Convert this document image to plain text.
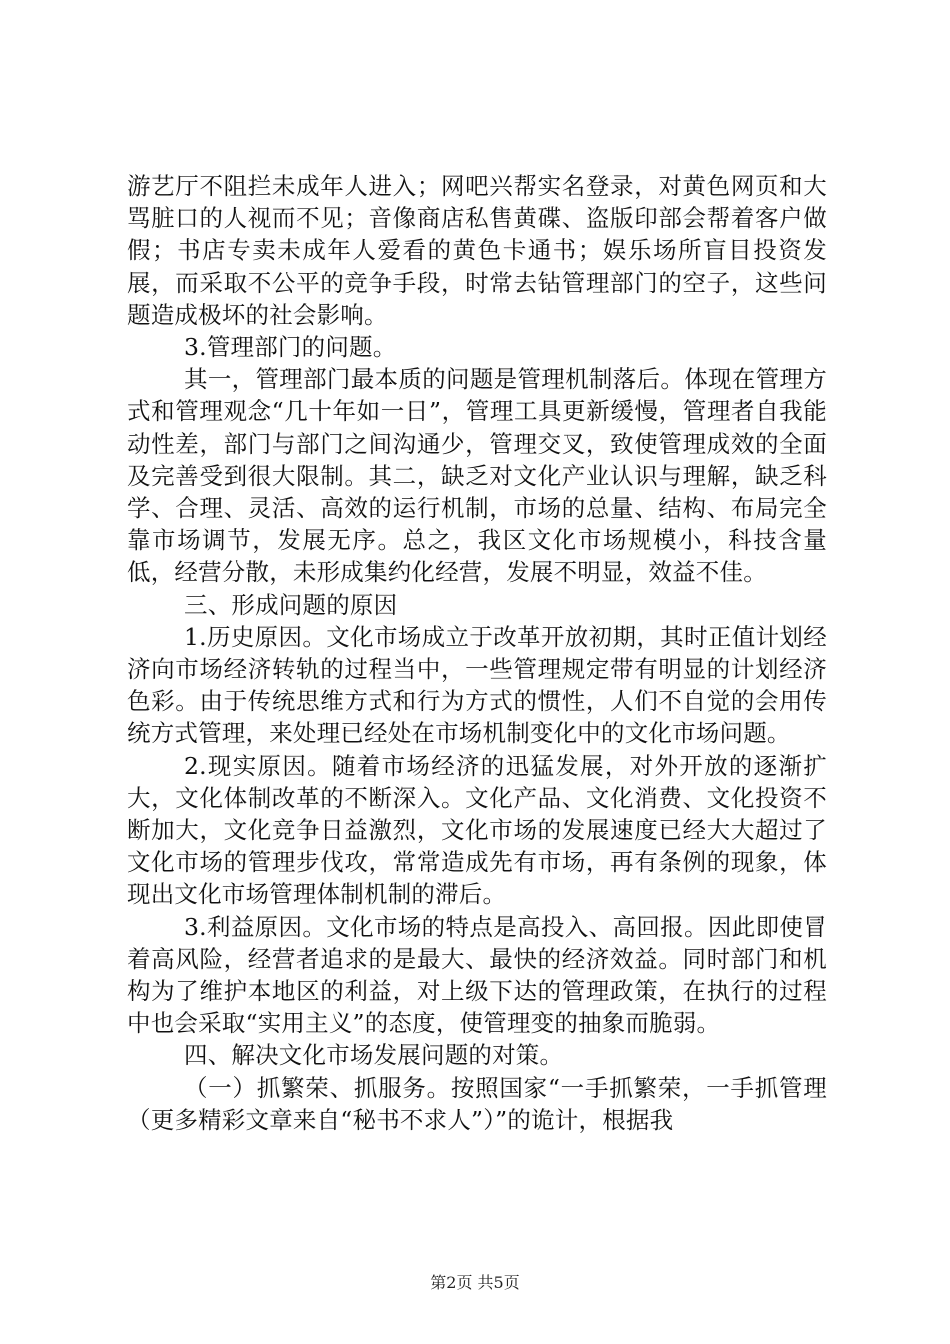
游艺厅不阻拦未成年人进入；网吧兴帮实名登录，对黄色网页和大骂脏口的人视而不见；音像商店私售黄碟、盗版印部会帮着客户做假；书店专卖未成年人爱看的黄色卡通书；娱乐场所盲目投资发展，而采取不公平的竞争手段，时常去钻管理部门的空子，这些问题造成极坏的社会影响。

3.管理部门的问题。

其一，管理部门最本质的问题是管理机制落后。体现在管理方式和管理观念“几十年如一日”，管理工具更新缓慢，管理者自我能动性差，部门与部门之间沟通少，管理交叉，致使管理成效的全面及完善受到很大限制。其二，缺乏对文化产业认识与理解，缺乏科学、合理、灵活、高效的运行机制，市场的总量、结构、布局完全靠市场调节，发展无序。总之，我区文化市场规模小，科技含量低，经营分散，未形成集约化经营，发展不明显，效益不佳。

三、形成问题的原因

1.历史原因。文化市场成立于改革开放初期，其时正值计划经济向市场经济转轨的过程当中，一些管理规定带有明显的计划经济色彩。由于传统思维方式和行为方式的惯性，人们不自觉的会用传统方式管理，来处理已经处在市场机制变化中的文化市场问题。

2.现实原因。随着市场经济的迅猛发展，对外开放的逐渐扩大，文化体制改革的不断深入。文化产品、文化消费、文化投资不断加大，文化竞争日益激烈，文化市场的发展速度已经大大超过了文化市场的管理步伐攻，常常造成先有市场，再有条例的现象，体现出文化市场管理体制机制的滞后。

3.利益原因。文化市场的特点是高投入、高回报。因此即使冒着高风险，经营者追求的是最大、最快的经济效益。同时部门和机构为了维护本地区的利益，对上级下达的管理政策，在执行的过程中也会采取“实用主义”的态度，使管理变的抽象而脆弱。

四、解决文化市场发展问题的对策。

（一）抓繁荣、抓服务。按照国家“一手抓繁荣，一手抓管理（更多精彩文章来自“秘书不求人”）”的诡计，根据我

第2页 共5页
